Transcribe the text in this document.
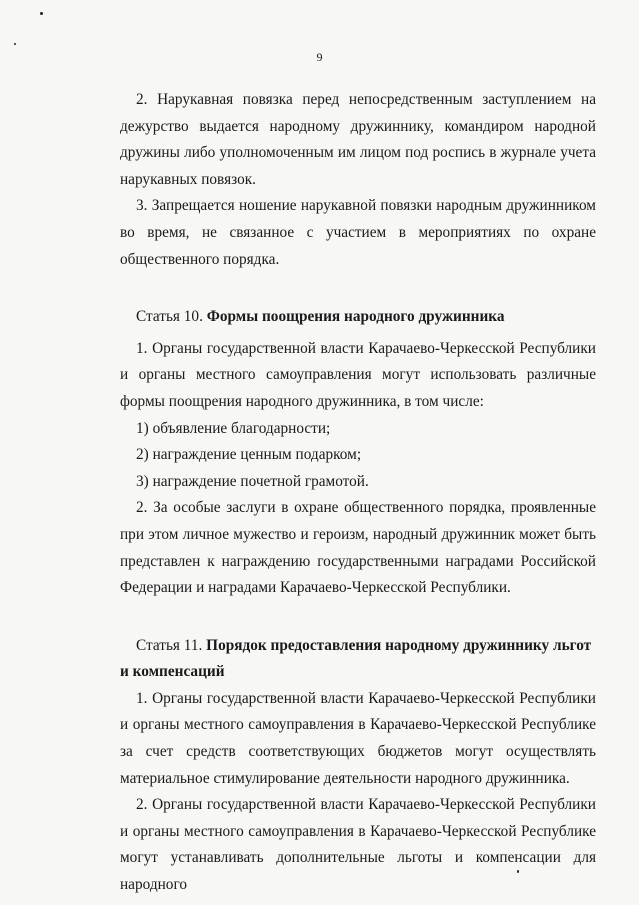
9

2. Нарукавная повязка перед непосредственным заступлением на дежурство выдается народному дружиннику, командиром народной дружины либо уполномоченным им лицом под роспись в журнале учета нарукавных повязок.

3. Запрещается ношение нарукавной повязки народным дружинником во время, не связанное с участием в мероприятиях по охране общественного порядка.

Статья 10. Формы поощрения народного дружинника

1. Органы государственной власти Карачаево-Черкесской Республики и органы местного самоуправления могут использовать различные формы поощрения народного дружинника, в том числе:

1) объявление благодарности;

2) награждение ценным подарком;

3) награждение почетной грамотой.

2. За особые заслуги в охране общественного порядка, проявленные при этом личное мужество и героизм, народный дружинник может быть представлен к награждению государственными наградами Российской Федерации и наградами Карачаево-Черкесской Республики.

Статья 11. Порядок предоставления народному дружиннику льгот и компенсаций

1. Органы государственной власти Карачаево-Черкесской Республики и органы местного самоуправления в Карачаево-Черкесской Республике за счет средств соответствующих бюджетов могут осуществлять материальное стимулирование деятельности народного дружинника.

2. Органы государственной власти Карачаево-Черкесской Республики и органы местного самоуправления в Карачаево-Черкесской Республике могут устанавливать дополнительные льготы и компенсации для народного
